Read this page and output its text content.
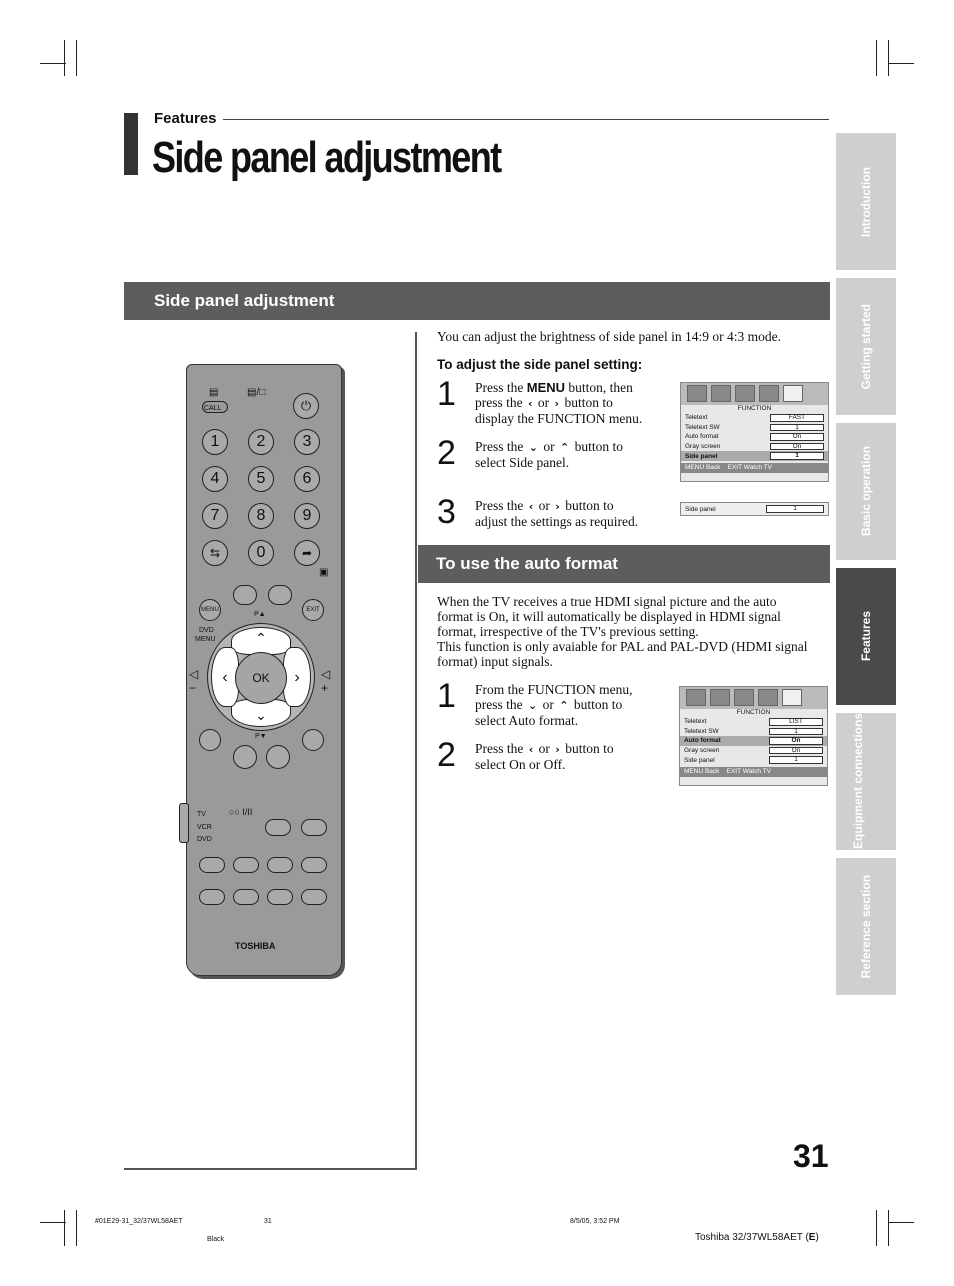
Features
Side panel adjustment
Side panel adjustment
You can adjust the brightness of side panel in 14:9 or 4:3 mode.
To adjust the side panel setting:
1 Press the MENU button, then
press the ‹ or › button to
display the FUNCTION menu.
2 Press the ⌄ or ⌃ button to
select Side panel.
3 Press the ‹ or › button to
adjust the settings as required.
FUNCTION
Teletext	FAST
Teletext SW	1
Auto format	On
Gray screen	On
Side panel	1
MENU Back EXIT Watch TV
Side panel	1
To use the auto format
When the TV receives a true HDMI signal picture and the auto
format is On, it will automatically be displayed in HDMI signal
format, irrespective of the TV's previous setting.
This function is only avaiable for PAL and PAL-DVD (HDMI signal
format) input signals.
1 From the FUNCTION menu,
press the ⌄ or ⌃ button to
select Auto format.
2 Press the ‹ or › button to
select On or Off.
FUNCTION
Teletext	LIST
Teletext SW	1
Auto format	On
Gray screen	On
Side panel	1
MENU Back EXIT Watch TV
Introduction
Getting started
Basic operation
Features
Equipment connections
Reference section
▤
CALL
▤/□
⏻
1	2	3
4	5	6
7	8	9
⇆	0	➦
▣
MENU	EXIT
P▲
DVD
MENU	⌃
⌄
‹	›
OK
◁
−
◁
+
P▼
TV
VCR
DVD
○○ I/II
TOSHIBA
31
#01E29-31_32/37WL58AET	31	8/5/05, 3:52 PM
Black	Toshiba 32/37WL58AET (E)
